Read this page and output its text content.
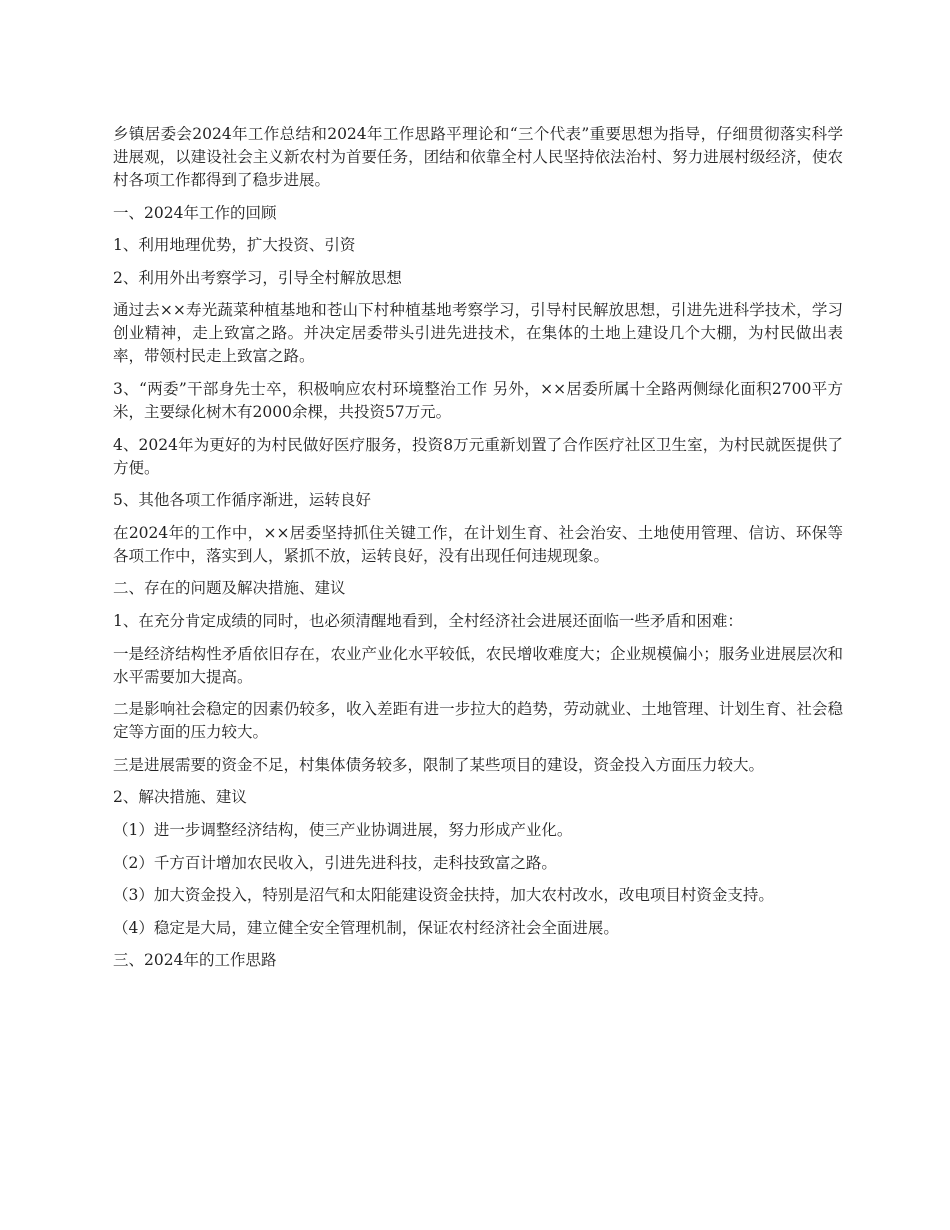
乡镇居委会2024年工作总结和2024年工作思路平理论和“三个代表”重要思想为指导，仔细贯彻落实科学进展观，以建设社会主义新农村为首要任务，团结和依靠全村人民坚持依法治村、努力进展村级经济，使农村各项工作都得到了稳步进展。

一、2024年工作的回顾

1、利用地理优势，扩大投资、引资

2、利用外出考察学习，引导全村解放思想

通过去××寿光蔬菜种植基地和苍山下村种植基地考察学习，引导村民解放思想，引进先进科学技术，学习创业精神，走上致富之路。并决定居委带头引进先进技术，在集体的土地上建设几个大棚，为村民做出表率，带领村民走上致富之路。

3、“两委”干部身先士卒，积极响应农村环境整治工作 另外，××居委所属十全路两侧绿化面积2700平方米，主要绿化树木有2000余棵，共投资57万元。

4、2024年为更好的为村民做好医疗服务，投资8万元重新划置了合作医疗社区卫生室，为村民就医提供了方便。

5、其他各项工作循序渐进，运转良好

在2024年的工作中，××居委坚持抓住关键工作，在计划生育、社会治安、土地使用管理、信访、环保等各项工作中，落实到人，紧抓不放，运转良好，没有出现任何违规现象。

二、存在的问题及解决措施、建议

1、在充分肯定成绩的同时，也必须清醒地看到，全村经济社会进展还面临一些矛盾和困难：

一是经济结构性矛盾依旧存在，农业产业化水平较低，农民增收难度大；企业规模偏小；服务业进展层次和水平需要加大提高。

二是影响社会稳定的因素仍较多，收入差距有进一步拉大的趋势，劳动就业、土地管理、计划生育、社会稳定等方面的压力较大。

三是进展需要的资金不足，村集体债务较多，限制了某些项目的建设，资金投入方面压力较大。

2、解决措施、建议

（1）进一步调整经济结构，使三产业协调进展，努力形成产业化。

（2）千方百计增加农民收入，引进先进科技，走科技致富之路。

（3）加大资金投入，特别是沼气和太阳能建设资金扶持，加大农村改水，改电项目村资金支持。

（4）稳定是大局，建立健全安全管理机制，保证农村经济社会全面进展。

三、2024年的工作思路
